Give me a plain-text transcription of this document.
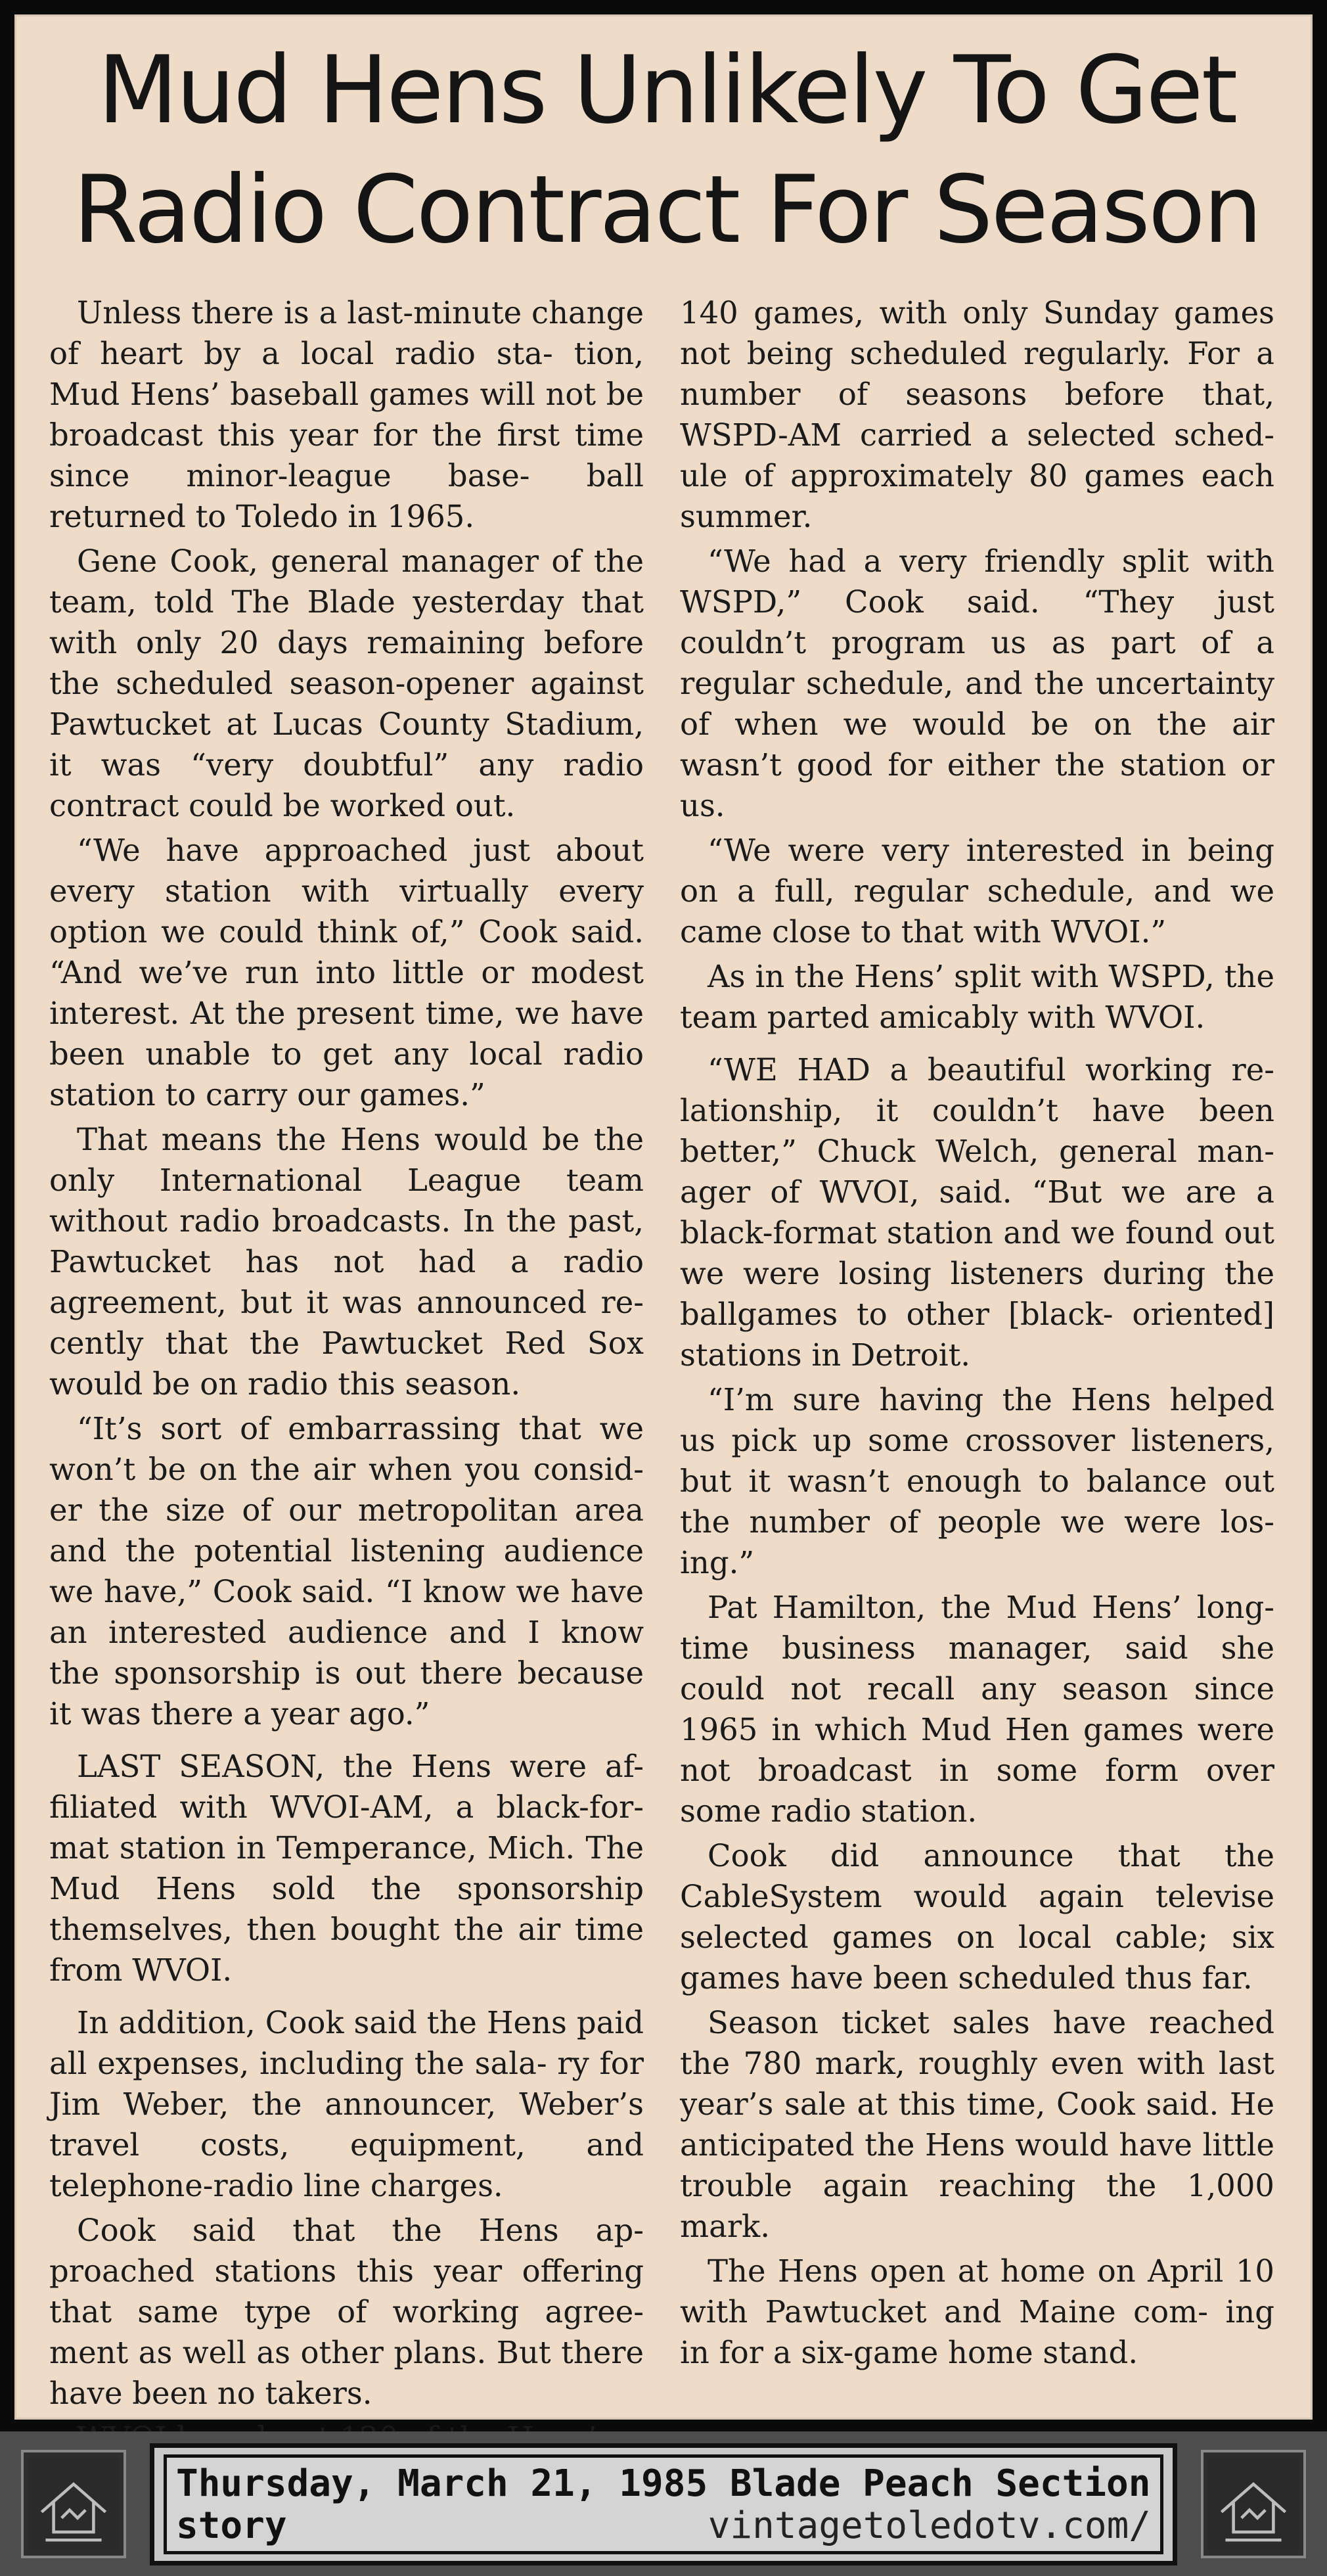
Mud Hens Unlikely To Get
Radio Contract For Season

Unless there is a last-minute change of heart by a local radio sta- tion, Mud Hens’ baseball games will not be broadcast this year for the first time since minor-league base- ball returned to Toledo in 1965.

Gene Cook, general manager of the team, told The Blade yesterday that with only 20 days remaining before the scheduled season-opener against Pawtucket at Lucas County Stadium, it was “very doubtful” any radio contract could be worked out.

“We have approached just about every station with virtually every option we could think of,” Cook said. “And we’ve run into little or modest interest. At the present time, we have been unable to get any local radio station to carry our games.”

That means the Hens would be the only International League team without radio broadcasts. In the past, Pawtucket has not had a radio agreement, but it was announced re- cently that the Pawtucket Red Sox would be on radio this season.

“It’s sort of embarrassing that we won’t be on the air when you consid- er the size of our metropolitan area and the potential listening audience we have,” Cook said. “I know we have an interested audience and I know the sponsorship is out there because it was there a year ago.”

LAST SEASON, the Hens were af- filiated with WVOI-AM, a black-for- mat station in Temperance, Mich. The Mud Hens sold the sponsorship themselves, then bought the air time from WVOI.

In addition, Cook said the Hens paid all expenses, including the sala- ry for Jim Weber, the announcer, Weber’s travel costs, equipment, and telephone-radio line charges.

Cook said that the Hens ap- proached stations this year offering that same type of working agree- ment as well as other plans. But there have been no takers.

140 games, with only Sunday games not being scheduled regularly. For a number of seasons before that, WSPD-AM carried a selected sched- ule of approximately 80 games each summer.

“We had a very friendly split with WSPD,” Cook said. “They just couldn’t program us as part of a regular schedule, and the uncertainty of when we would be on the air wasn’t good for either the station or us.

“We were very interested in being on a full, regular schedule, and we came close to that with WVOI.”

As in the Hens’ split with WSPD, the team parted amicably with WVOI.

“WE HAD a beautiful working re- lationship, it couldn’t have been better,” Chuck Welch, general man- ager of WVOI, said. “But we are a black-format station and we found out we were losing listeners during the ballgames to other [black- oriented] stations in Detroit.

“I’m sure having the Hens helped us pick up some crossover listeners, but it wasn’t enough to balance out the number of people we were los- ing.”

Pat Hamilton, the Mud Hens’ long- time business manager, said she could not recall any season since 1965 in which Mud Hen games were not broadcast in some form over some radio station.

Cook did announce that the CableSystem would again televise selected games on local cable; six games have been scheduled thus far.

Season ticket sales have reached the 780 mark, roughly even with last year’s sale at this time, Cook said. He anticipated the Hens would have little trouble again reaching the 1,000 mark.

The Hens open at home on April 10 with Pawtucket and Maine com- ing in for a six-game home stand.

Thursday, March 21, 1985 Blade Peach Section
story	vintagetoledotv.com/
